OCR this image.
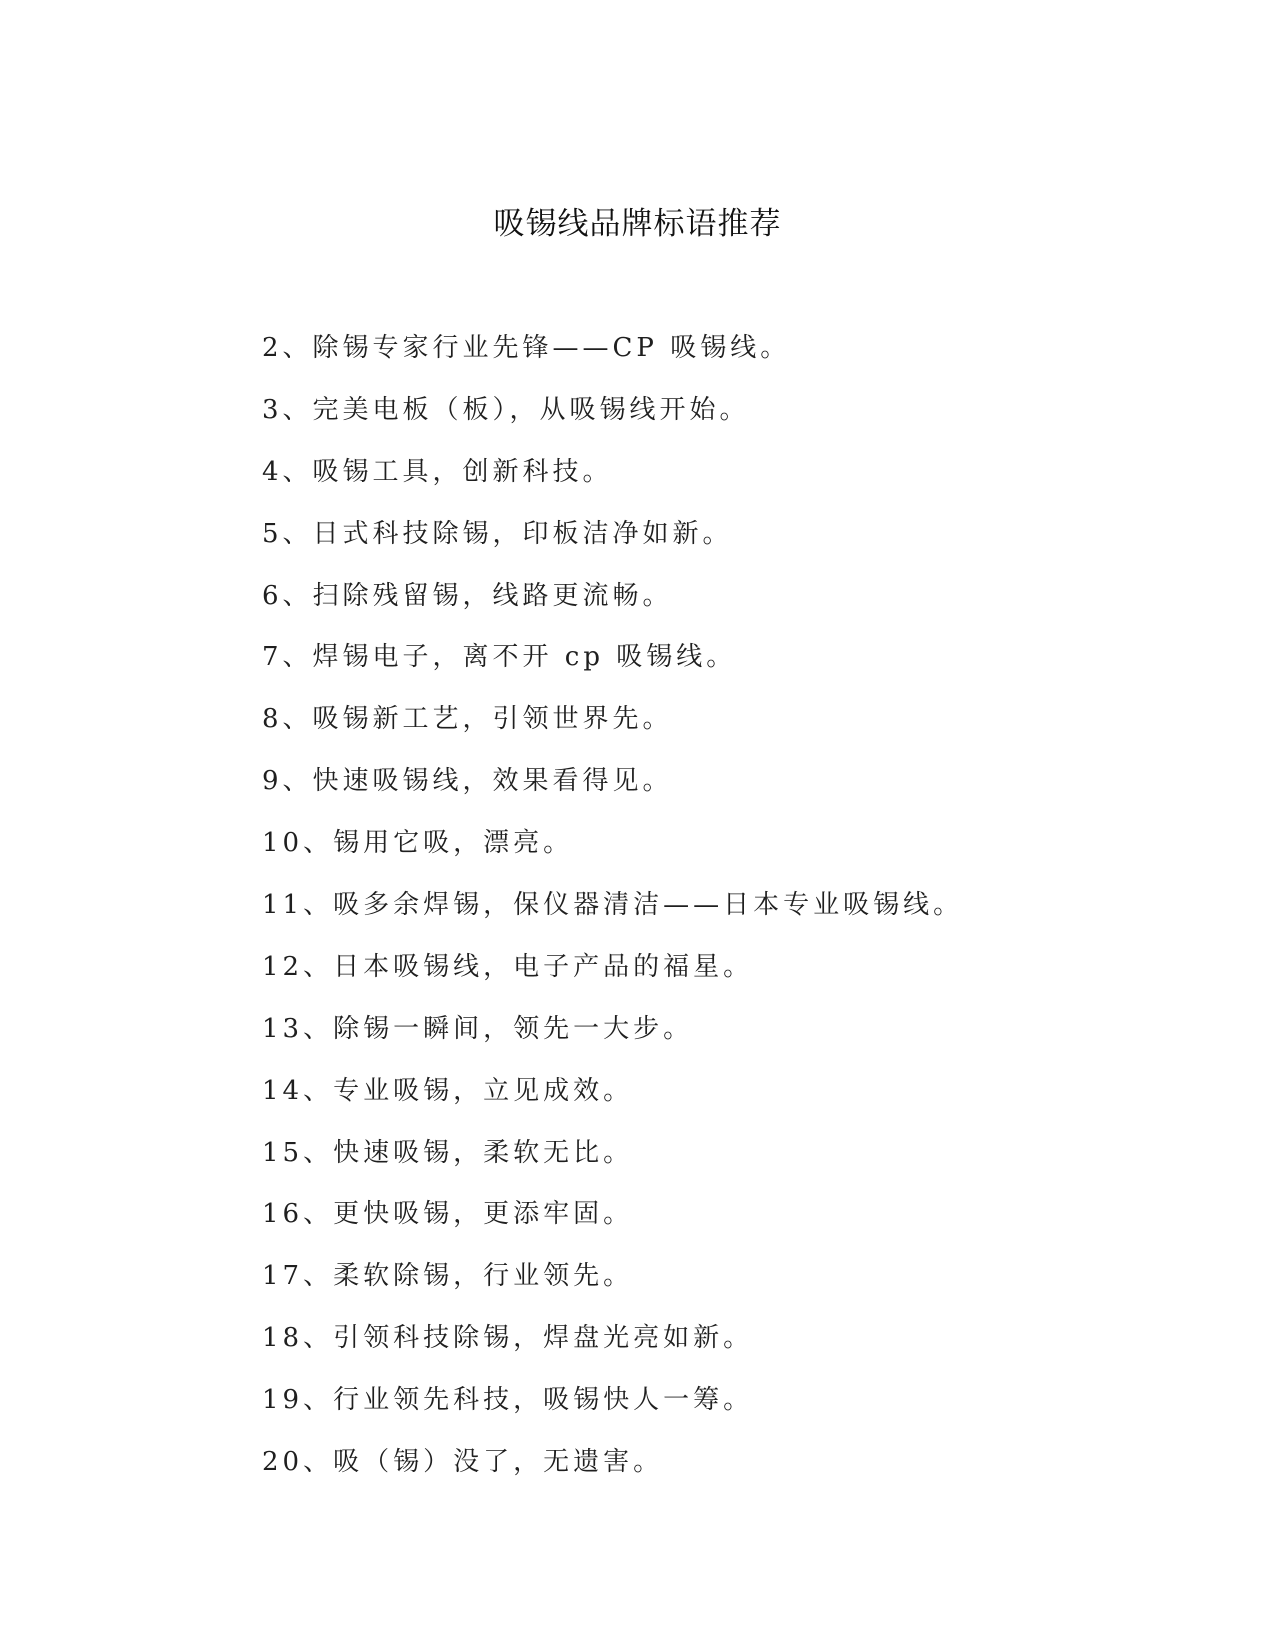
吸锡线品牌标语推荐
2、除锡专家行业先锋——CP 吸锡线。
3、完美电板（板），从吸锡线开始。
4、吸锡工具，创新科技。
5、日式科技除锡，印板洁净如新。
6、扫除残留锡，线路更流畅。
7、焊锡电子，离不开 cp 吸锡线。
8、吸锡新工艺，引领世界先。
9、快速吸锡线，效果看得见。
10、锡用它吸，漂亮。
11、吸多余焊锡，保仪器清洁——日本专业吸锡线。
12、日本吸锡线，电子产品的福星。
13、除锡一瞬间，领先一大步。
14、专业吸锡，立见成效。
15、快速吸锡，柔软无比。
16、更快吸锡，更添牢固。
17、柔软除锡，行业领先。
18、引领科技除锡，焊盘光亮如新。
19、行业领先科技，吸锡快人一筹。
20、吸（锡）没了，无遗害。
